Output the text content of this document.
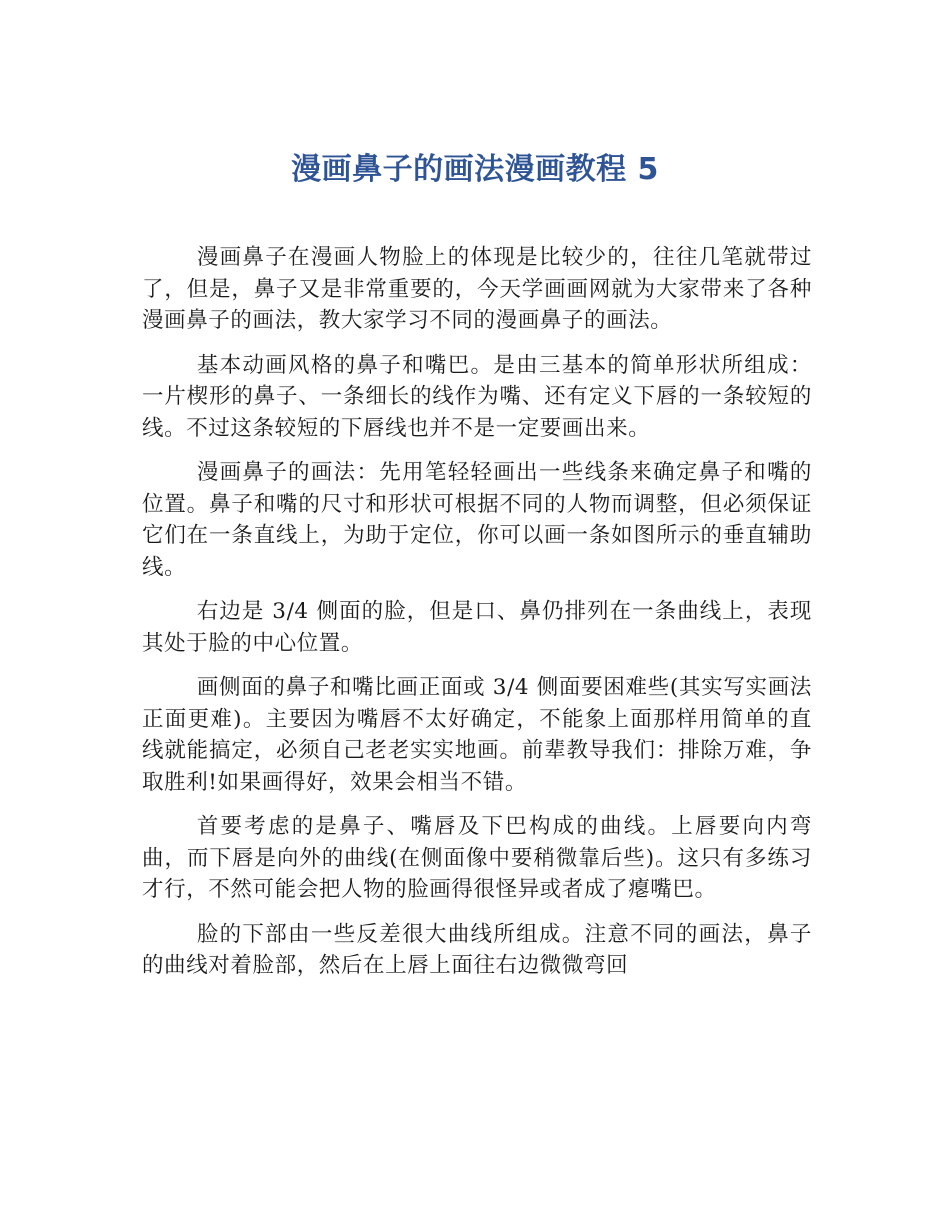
漫画鼻子的画法漫画教程 5

漫画鼻子在漫画人物脸上的体现是比较少的，往往几笔就带过了，但是，鼻子又是非常重要的，今天学画画网就为大家带来了各种漫画鼻子的画法，教大家学习不同的漫画鼻子的画法。

基本动画风格的鼻子和嘴巴。是由三基本的简单形状所组成：一片楔形的鼻子、一条细长的线作为嘴、还有定义下唇的一条较短的线。不过这条较短的下唇线也并不是一定要画出来。

漫画鼻子的画法：先用笔轻轻画出一些线条来确定鼻子和嘴的位置。鼻子和嘴的尺寸和形状可根据不同的人物而调整，但必须保证它们在一条直线上，为助于定位，你可以画一条如图所示的垂直辅助线。

右边是 3/4 侧面的脸，但是口、鼻仍排列在一条曲线上，表现其处于脸的中心位置。

画侧面的鼻子和嘴比画正面或 3/4 侧面要困难些(其实写实画法正面更难)。主要因为嘴唇不太好确定，不能象上面那样用简单的直线就能搞定，必须自己老老实实地画。前辈教导我们：排除万难，争取胜利!如果画得好，效果会相当不错。

首要考虑的是鼻子、嘴唇及下巴构成的曲线。上唇要向内弯曲，而下唇是向外的曲线(在侧面像中要稍微靠后些)。这只有多练习才行，不然可能会把人物的脸画得很怪异或者成了瘪嘴巴。

脸的下部由一些反差很大曲线所组成。注意不同的画法，鼻子的曲线对着脸部，然后在上唇上面往右边微微弯回
